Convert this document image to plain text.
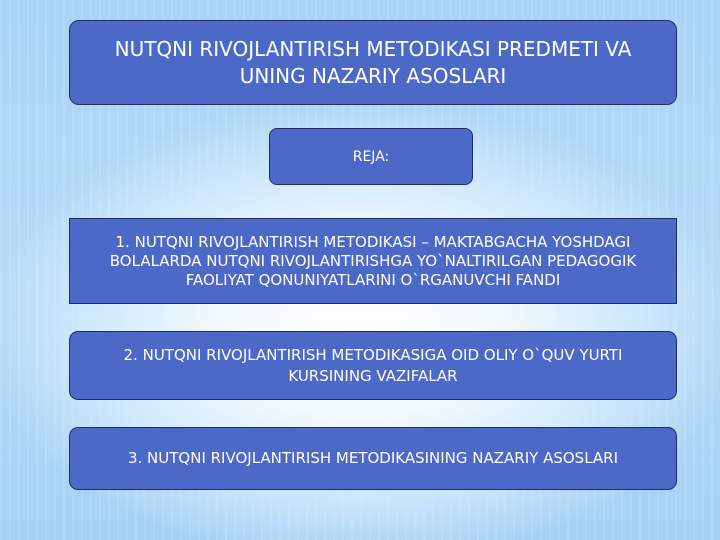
NUTQNI RIVOJLANTIRISH METODIKASI PREDMETI VA UNING NAZARIY ASOSLARI
REJA:
1. NUTQNI RIVOJLANTIRISH METODIKASI – MAKTABGACHA YOSHDAGI BOLALARDA NUTQNI RIVOJLANTIRISHGA YO`NALTIRILGAN PEDAGOGIK FAOLIYAT QONUNIYATLARINI O`RGANUVCHI FANDI
2. NUTQNI RIVOJLANTIRISH METODIKASIGA OID OLIY O`QUV YURTI KURSINING VAZIFALAR
3. NUTQNI RIVOJLANTIRISH METODIKASINING NAZARIY ASOSLARI
